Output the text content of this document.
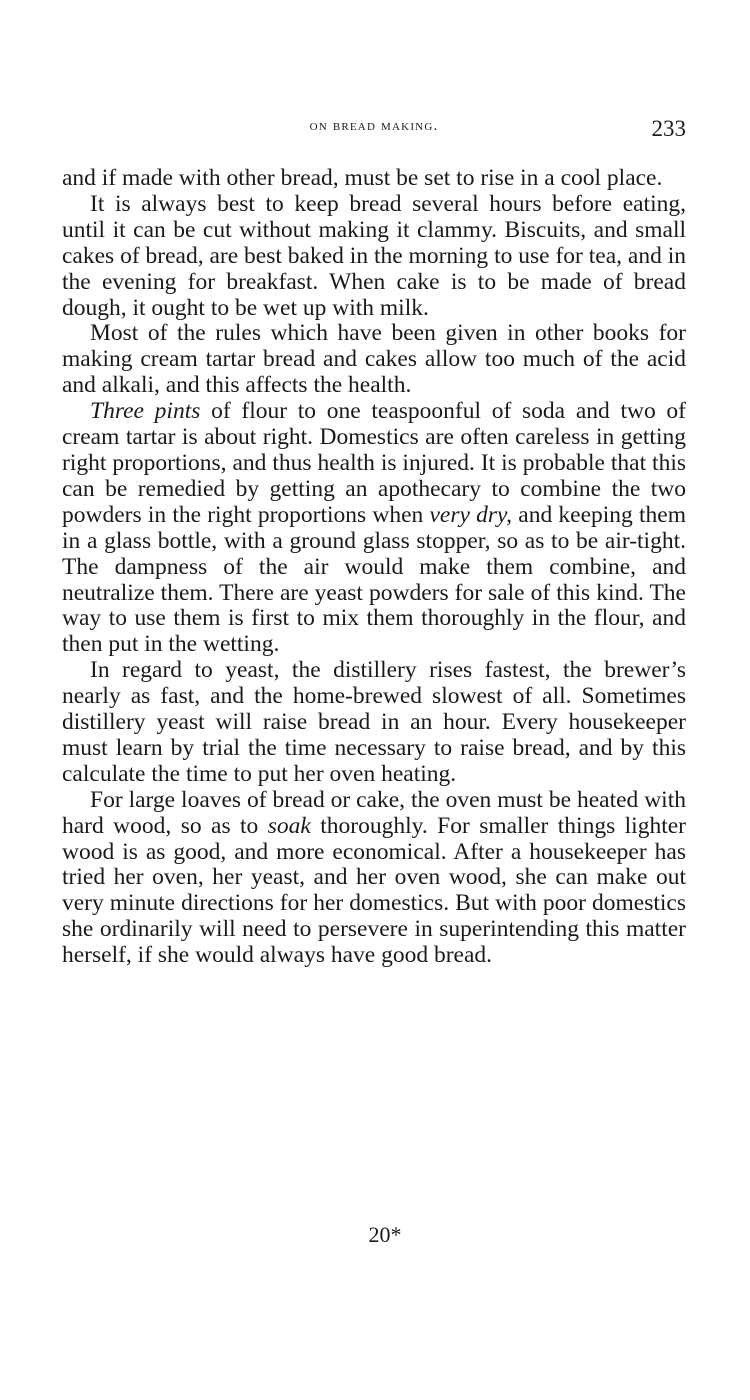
on bread making.	233

and if made with other bread, must be set to rise in a cool place.

It is always best to keep bread several hours before eating, until it can be cut without making it clammy. Biscuits, and small cakes of bread, are best baked in the morning to use for tea, and in the evening for breakfast. When cake is to be made of bread dough, it ought to be wet up with milk.

Most of the rules which have been given in other books for making cream tartar bread and cakes allow too much of the acid and alkali, and this affects the health.

Three pints of flour to one teaspoonful of soda and two of cream tartar is about right. Domestics are often careless in getting right proportions, and thus health is injured. It is probable that this can be remedied by getting an apothecary to combine the two powders in the right proportions when very dry, and keeping them in a glass bottle, with a ground glass stopper, so as to be air-tight. The dampness of the air would make them combine, and neutralize them. There are yeast powders for sale of this kind. The way to use them is first to mix them thoroughly in the flour, and then put in the wetting.

In regard to yeast, the distillery rises fastest, the brewer’s nearly as fast, and the home-brewed slowest of all. Sometimes distillery yeast will raise bread in an hour. Every housekeeper must learn by trial the time necessary to raise bread, and by this calculate the time to put her oven heating.

For large loaves of bread or cake, the oven must be heated with hard wood, so as to soak thoroughly. For smaller things lighter wood is as good, and more economical. After a housekeeper has tried her oven, her yeast, and her oven wood, she can make out very minute directions for her domestics. But with poor domestics she ordinarily will need to persevere in superintending this matter herself, if she would always have good bread.

20*
